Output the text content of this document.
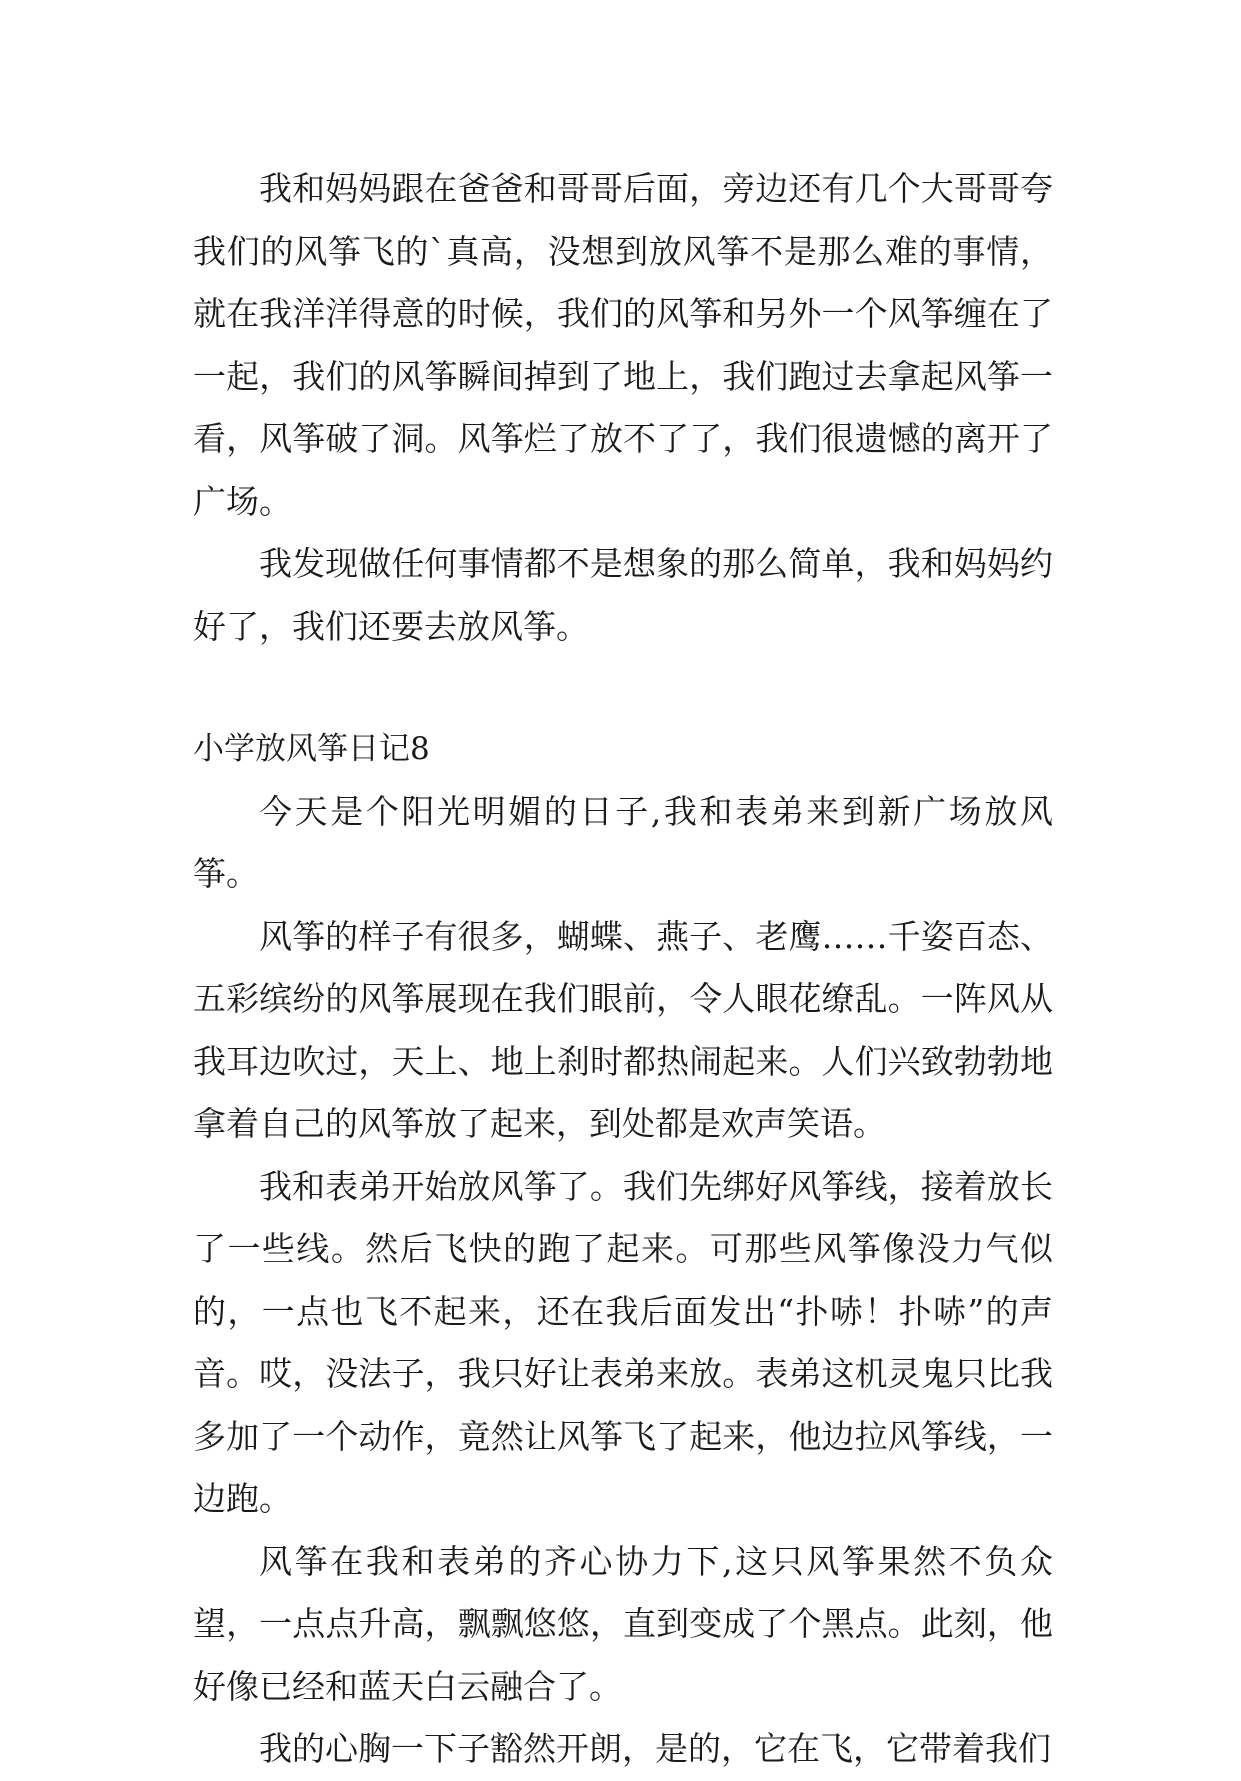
我和妈妈跟在爸爸和哥哥后面，旁边还有几个大哥哥夸我们的风筝飞的`真高，没想到放风筝不是那么难的事情，就在我洋洋得意的时候，我们的风筝和另外一个风筝缠在了一起，我们的风筝瞬间掉到了地上，我们跑过去拿起风筝一看，风筝破了洞。风筝烂了放不了了，我们很遗憾的离开了广场。

我发现做任何事情都不是想象的那么简单，我和妈妈约好了，我们还要去放风筝。

小学放风筝日记8

今天是个阳光明媚的日子,我和表弟来到新广场放风筝。

风筝的样子有很多，蝴蝶、燕子、老鹰……千姿百态、五彩缤纷的风筝展现在我们眼前，令人眼花缭乱。一阵风从我耳边吹过，天上、地上刹时都热闹起来。人们兴致勃勃地拿着自己的风筝放了起来，到处都是欢声笑语。

我和表弟开始放风筝了。我们先绑好风筝线，接着放长了一些线。然后飞快的跑了起来。可那些风筝像没力气似的，一点也飞不起来，还在我后面发出“扑哧！扑哧”的声音。哎，没法子，我只好让表弟来放。表弟这机灵鬼只比我多加了一个动作，竟然让风筝飞了起来，他边拉风筝线，一边跑。

风筝在我和表弟的齐心协力下,这只风筝果然不负众望，一点点升高，飘飘悠悠，直到变成了个黑点。此刻，他好像已经和蓝天白云融合了。

我的心胸一下子豁然开朗，是的，它在飞，它带着我们
